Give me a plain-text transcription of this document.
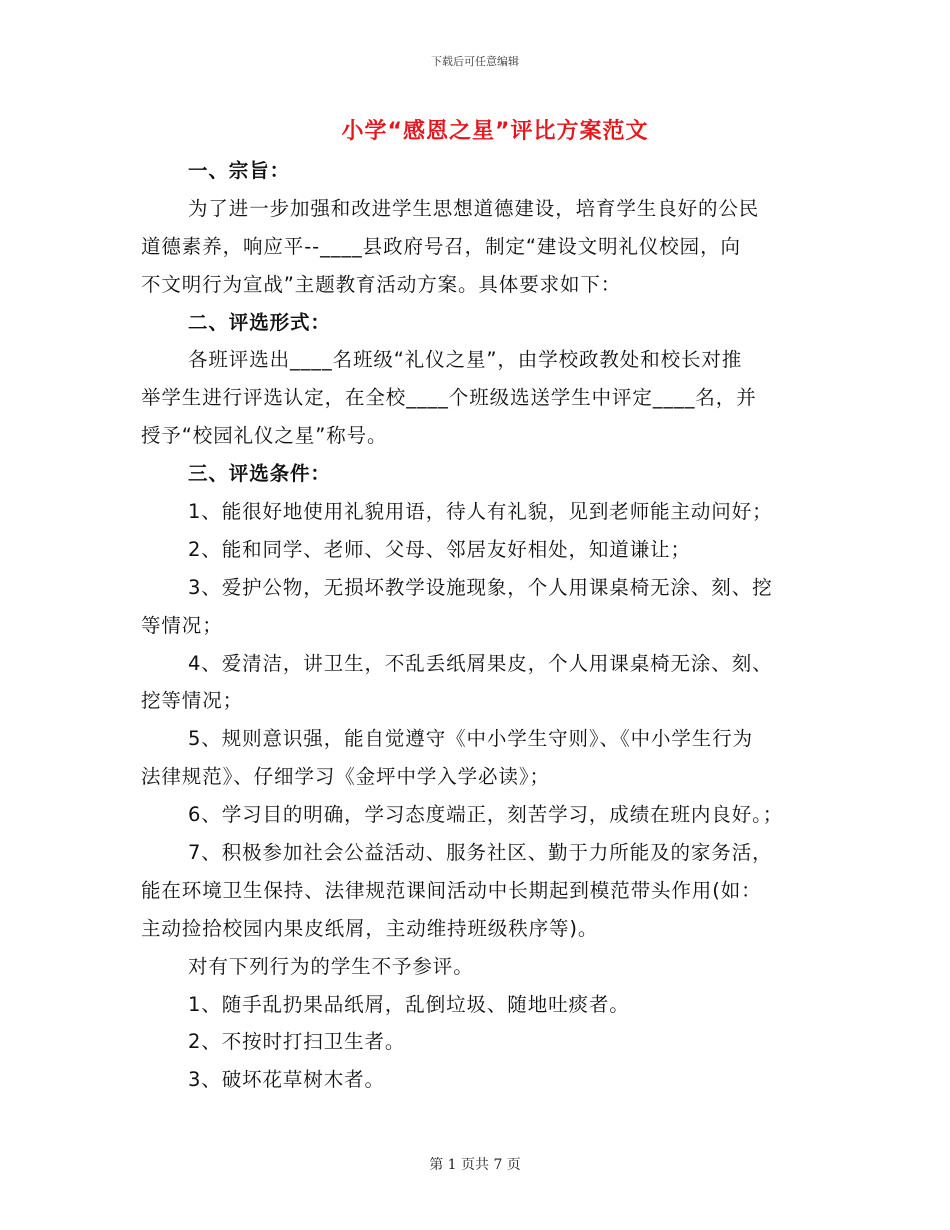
下载后可任意编辑
小学“感恩之星”评比方案范文
一、宗旨：
为了进一步加强和改进学生思想道德建设，培育学生良好的公民
道德素养，响应平--____县政府号召，制定“建设文明礼仪校园，向
不文明行为宣战”主题教育活动方案。具体要求如下：
二、评选形式：
各班评选出____名班级“礼仪之星”，由学校政教处和校长对推
举学生进行评选认定，在全校____个班级选送学生中评定____名，并
授予“校园礼仪之星”称号。
三、评选条件：
1、能很好地使用礼貌用语，待人有礼貌，见到老师能主动问好；
2、能和同学、老师、父母、邻居友好相处，知道谦让；
3、爱护公物，无损坏教学设施现象，个人用课桌椅无涂、刻、挖
等情况；
4、爱清洁，讲卫生，不乱丢纸屑果皮，个人用课桌椅无涂、刻、
挖等情况；
5、规则意识强，能自觉遵守《中小学生守则》、《中小学生行为
法律规范》、仔细学习《金坪中学入学必读》；
6、学习目的明确，学习态度端正，刻苦学习，成绩在班内良好。；
7、积极参加社会公益活动、服务社区、勤于力所能及的家务活，
能在环境卫生保持、法律规范课间活动中长期起到模范带头作用(如：
主动捡拾校园内果皮纸屑，主动维持班级秩序等)。
对有下列行为的学生不予参评。
1、随手乱扔果品纸屑，乱倒垃圾、随地吐痰者。
2、不按时打扫卫生者。
3、破坏花草树木者。
第 1 页共 7 页
